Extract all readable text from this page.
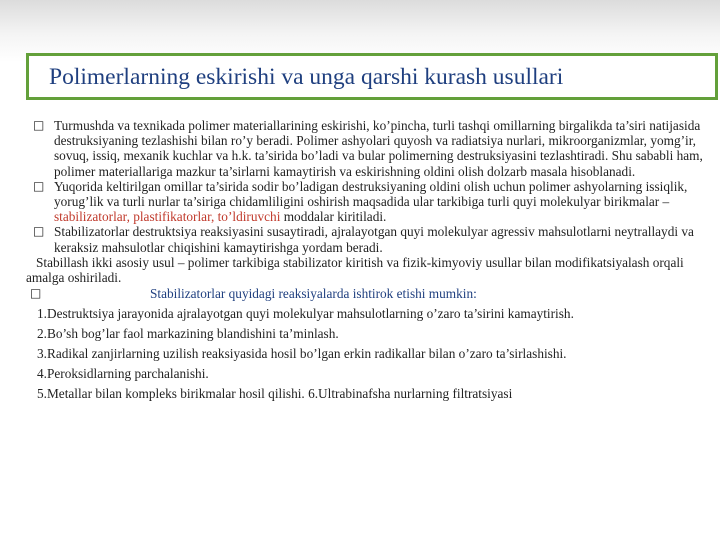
Polimerlarning eskirishi va unga qarshi kurash usullari
□ Turmushda va texnikada polimer materiallarining eskirishi, ko’pincha, turli tashqi omillarning birgalikda ta’siri natijasida destruksiyaning tezlashishi bilan ro’y beradi. Polimer ashyolari quyosh va radiatsiya nurlari, mikroorganizmlar, yomg’ir, sovuq, issiq, mexanik kuchlar va h.k. ta’sirida bo’ladi va bular polimerning destruksiyasini tezlashtiradi. Shu sababli ham, polimer materiallariga mazkur ta’sirlarni kamaytirish va eskirishning oldini olish dolzarb masala hisoblanadi.
□ Yuqorida keltirilgan omillar ta’sirida sodir bo’ladigan destruksiyaning oldini olish uchun polimer ashyolarning issiqlik, yorug’lik va turli nurlar ta’siriga chidamliligini oshirish maqsadida ular tarkibiga turli quyi molekulyar birikmalar – stabilizatorlar, plastifikatorlar, to’ldiruvchi moddalar kiritiladi.
□ Stabilizatorlar destruktsiya reaksiyasini susaytiradi, ajralayotgan quyi molekulyar agressiv mahsulotlarni neytrallaydi va keraksiz mahsulotlar chiqishini kamaytirishga yordam beradi.
Stabillash ikki asosiy usul – polimer tarkibiga stabilizator kiritish va fizik-kimyoviy usullar bilan modifikatsiyalash orqali amalga oshiriladi.
□	Stabilizatorlar quyidagi reaksiyalarda ishtirok etishi mumkin:
1.Destruktsiya jarayonida ajralayotgan quyi molekulyar mahsulotlarning o’zaro ta’sirini kamaytirish.
2.Bo’sh bog’lar faol markazining blandishini ta’minlash.
3.Radikal zanjirlarning uzilish reaksiyasida hosil bo’lgan erkin radikallar bilan o’zaro ta’sirlashishi.
4.Peroksidlarning parchalanishi.
5.Metallar bilan kompleks birikmalar hosil qilishi. 6.Ultrabinafsha nurlarning filtratsiyasi
